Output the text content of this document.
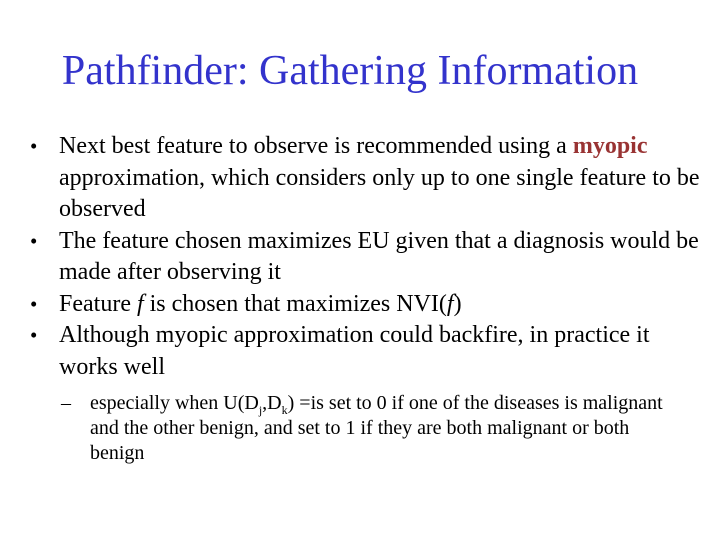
Pathfinder: Gathering Information
• Next best feature to observe is recommended using a myopic approximation, which considers only up to one single feature to be observed
• The feature chosen maximizes EU given that a diagnosis would be made after observing it
• Feature f is chosen that maximizes NVI(f)
• Although myopic approximation could backfire, in practice it works well
– especially when $U(D_j,D_k) =is$ set to 0 if one of the diseases is malignant and the other benign, and set to 1 if they are both malignant or both benign
